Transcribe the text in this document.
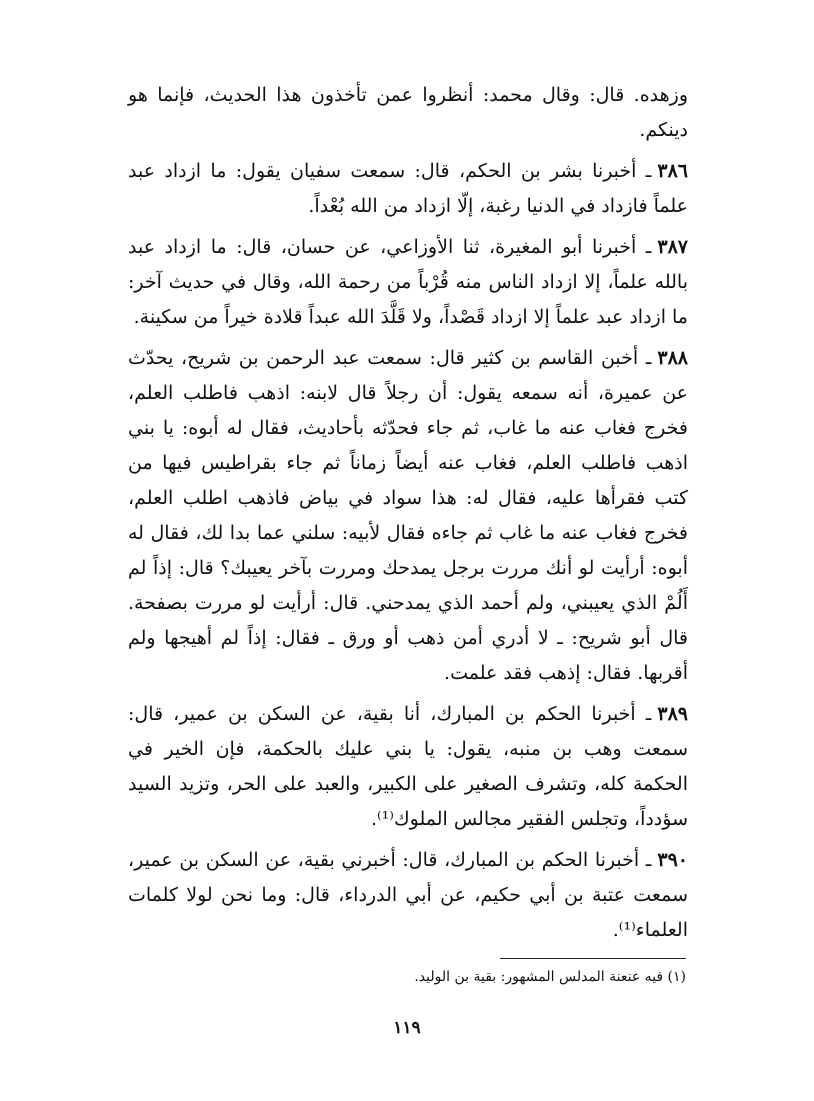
وزهده. قال: وقال محمد: أنظروا عمن تأخذون هذا الحديث، فإنما هو دينكم.

٣٨٦ـ أخبرنا بشر بن الحكم، قال: سمعت سفيان يقول: ما ازداد عبد علماً فازداد في الدنيا رغبة، إلّا ازداد من الله بُعْداً.

٣٨٧ـ أخبرنا أبو المغيرة، ثنا الأوزاعي، عن حسان، قال: ما ازداد عبد بالله علماً، إلا ازداد الناس منه قُرْباً من رحمة الله، وقال في حديث آخر: ما ازداد عبد علماً إلا ازداد قَصْداً، ولا قَلَّدَ الله عبداً قلادة خيراً من سكينة.

٣٨٨ـ أخبن القاسم بن كثير قال: سمعت عبد الرحمن بن شريح، يحدّث عن عميرة، أنه سمعه يقول: أن رجلاً قال لابنه: اذهب فاطلب العلم، فخرج فغاب عنه ما غاب، ثم جاء فحدّثه بأحاديث، فقال له أبوه: يا بني اذهب فاطلب العلم، فغاب عنه أيضاً زماناً ثم جاء بقراطيس فيها من كتب فقرأها عليه، فقال له: هذا سواد في بياض فاذهب اطلب العلم، فخرج فغاب عنه ما غاب ثم جاءه فقال لأبيه: سلني عما بدا لك، فقال له أبوه: أرأيت لو أنك مررت برجل يمدحك ومررت بآخر يعيبك؟ قال: إذاً لم أَلُمْ الذي يعيبني، ولم أحمد الذي يمدحني. قال: أرأيت لو مررت بصفحة. قال أبو شريح: ـ لا أدري أمن ذهب أو ورق ـ فقال: إذاً لم أهيجها ولم أقربها. فقال: إذهب فقد علمت.

٣٨٩ـ أخبرنا الحكم بن المبارك، أنا بقية، عن السكن بن عمير، قال: سمعت وهب بن منبه، يقول: يا بني عليك بالحكمة، فإن الخير في الحكمة كله، وتشرف الصغير على الكبير، والعبد على الحر، وتزيد السيد سؤدداً، وتجلس الفقير مجالس الملوك⁽¹⁾.

٣٩٠ـ أخبرنا الحكم بن المبارك، قال: أخبرني بقية، عن السكن بن عمير، سمعت عتبة بن أبي حكيم، عن أبي الدرداء، قال: وما نحن لولا كلمات العلماء⁽¹⁾.

(١) فيه عنعنة المدلس المشهور: بقية بن الوليد.
١١٩
